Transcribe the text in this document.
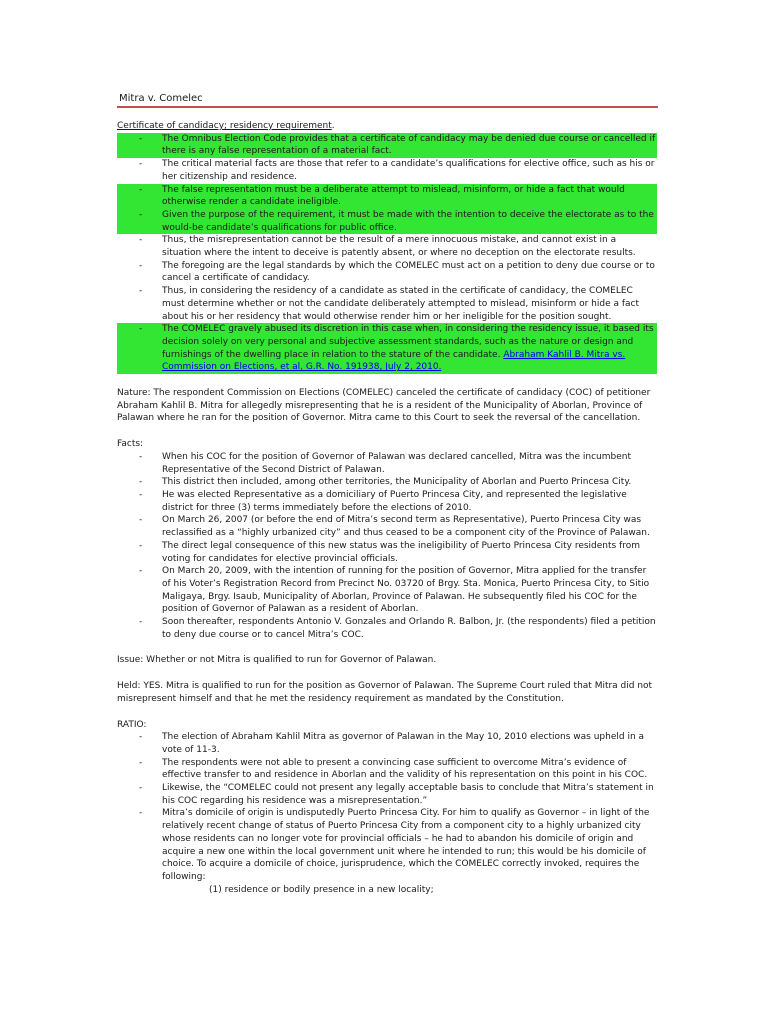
Mitra v. Comelec

Certificate of candidacy; residency requirement.

- The Omnibus Election Code provides that a certificate of candidacy may be denied due course or cancelled if there is any false representation of a material fact.
- The critical material facts are those that refer to a candidate’s qualifications for elective office, such as his or her citizenship and residence.
- The false representation must be a deliberate attempt to mislead, misinform, or hide a fact that would otherwise render a candidate ineligible.
- Given the purpose of the requirement, it must be made with the intention to deceive the electorate as to the would-be candidate’s qualifications for public office.
- Thus, the misrepresentation cannot be the result of a mere innocuous mistake, and cannot exist in a situation where the intent to deceive is patently absent, or where no deception on the electorate results.
- The foregoing are the legal standards by which the COMELEC must act on a petition to deny due course or to cancel a certificate of candidacy.
- Thus, in considering the residency of a candidate as stated in the certificate of candidacy, the COMELEC must determine whether or not the candidate deliberately attempted to mislead, misinform or hide a fact about his or her residency that would otherwise render him or her ineligible for the position sought.
- The COMELEC gravely abused its discretion in this case when, in considering the residency issue, it based its decision solely on very personal and subjective assessment standards, such as the nature or design and furnishings of the dwelling place in relation to the stature of the candidate. Abraham Kahlil B. Mitra vs. Commission on Elections, et al, G.R. No. 191938, July 2, 2010.

Nature: The respondent Commission on Elections (COMELEC) canceled the certificate of candidacy (COC) of petitioner Abraham Kahlil B. Mitra for allegedly misrepresenting that he is a resident of the Municipality of Aborlan, Province of Palawan where he ran for the position of Governor. Mitra came to this Court to seek the reversal of the cancellation.

Facts:

- When his COC for the position of Governor of Palawan was declared cancelled, Mitra was the incumbent Representative of the Second District of Palawan.
- This district then included, among other territories, the Municipality of Aborlan and Puerto Princesa City.
- He was elected Representative as a domiciliary of Puerto Princesa City, and represented the legislative district for three (3) terms immediately before the elections of 2010.
- On March 26, 2007 (or before the end of Mitra’s second term as Representative), Puerto Princesa City was reclassified as a “highly urbanized city” and thus ceased to be a component city of the Province of Palawan.
- The direct legal consequence of this new status was the ineligibility of Puerto Princesa City residents from voting for candidates for elective provincial officials.
- On March 20, 2009, with the intention of running for the position of Governor, Mitra applied for the transfer of his Voter’s Registration Record from Precinct No. 03720 of Brgy. Sta. Monica, Puerto Princesa City, to Sitio Maligaya, Brgy. Isaub, Municipality of Aborlan, Province of Palawan. He subsequently filed his COC for the position of Governor of Palawan as a resident of Aborlan.
- Soon thereafter, respondents Antonio V. Gonzales and Orlando R. Balbon, Jr. (the respondents) filed a petition to deny due course or to cancel Mitra’s COC.

Issue: Whether or not Mitra is qualified to run for Governor of Palawan.

Held: YES. Mitra is qualified to run for the position as Governor of Palawan. The Supreme Court ruled that Mitra did not misrepresent himself and that he met the residency requirement as mandated by the Constitution.

RATIO:

- The election of Abraham Kahlil Mitra as governor of Palawan in the May 10, 2010 elections was upheld in a vote of 11-3.
- The respondents were not able to present a convincing case sufficient to overcome Mitra’s evidence of effective transfer to and residence in Aborlan and the validity of his representation on this point in his COC.
- Likewise, the “COMELEC could not present any legally acceptable basis to conclude that Mitra’s statement in his COC regarding his residence was a misrepresentation.”
- Mitra’s domicile of origin is undisputedly Puerto Princesa City. For him to qualify as Governor – in light of the relatively recent change of status of Puerto Princesa City from a component city to a highly urbanized city whose residents can no longer vote for provincial officials – he had to abandon his domicile of origin and acquire a new one within the local government unit where he intended to run; this would be his domicile of choice. To acquire a domicile of choice, jurisprudence, which the COMELEC correctly invoked, requires the following:

(1) residence or bodily presence in a new locality;
